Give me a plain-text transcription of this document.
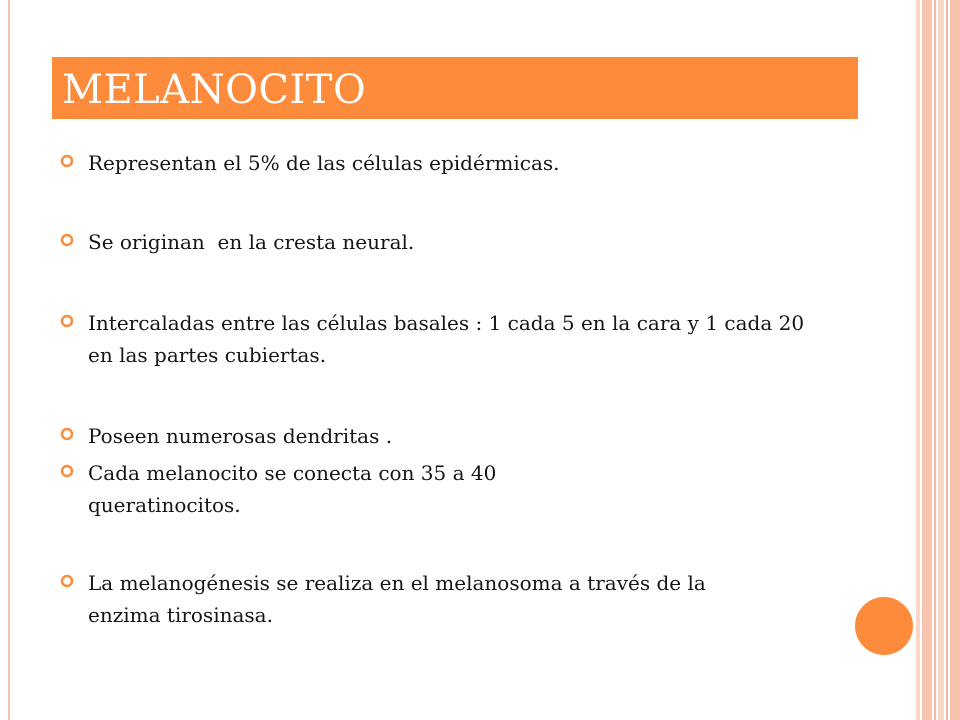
MELANOCITO
Representan el 5% de las células epidérmicas.
Se originan  en la cresta neural.
Intercaladas entre las células basales : 1 cada 5 en la cara y 1 cada 20 en las partes cubiertas.
Poseen numerosas dendritas .
Cada melanocito se conecta con 35 a 40 queratinocitos.
La melanogénesis se realiza en el melanosoma a través de la enzima tirosinasa.
